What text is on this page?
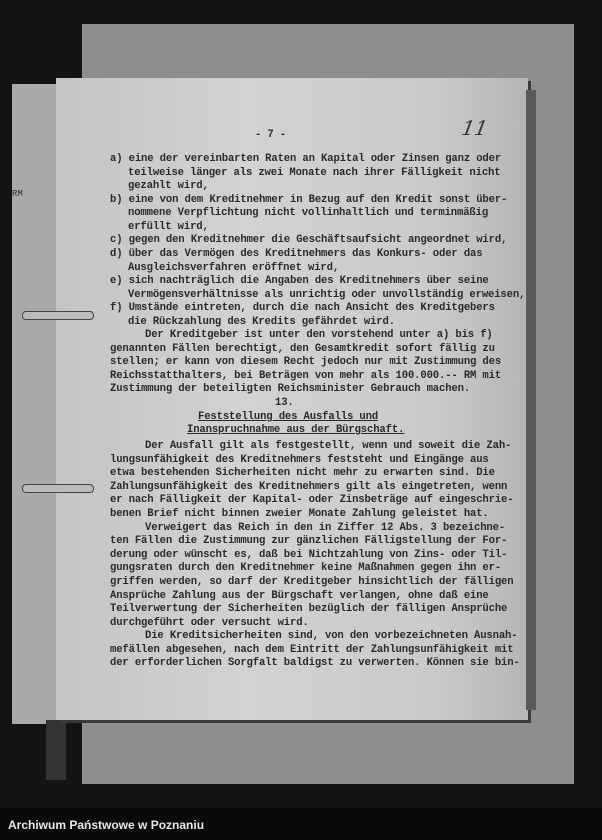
RM
11
- 7 -
a) eine der vereinbarten Raten an Kapital oder Zinsen ganz oder
teilweise länger als zwei Monate nach ihrer Fälligkeit nicht
gezahlt wird,
b) eine von dem Kreditnehmer in Bezug auf den Kredit sonst über-
nommene Verpflichtung nicht vollinhaltlich und terminmäßig
erfüllt wird,
c) gegen den Kreditnehmer die Geschäftsaufsicht angeordnet wird,
d) über das Vermögen des Kreditnehmers das Konkurs- oder das
Ausgleichsverfahren eröffnet wird,
e) sich nachträglich die Angaben des Kreditnehmers über seine
Vermögensverhältnisse als unrichtig oder unvollständig erweisen,
f) Umstände eintreten, durch die nach Ansicht des Kreditgebers
die Rückzahlung des Kredits gefährdet wird.
Der Kreditgeber ist unter den vorstehend unter a) bis f)
genannten Fällen berechtigt, den Gesamtkredit sofort fällig zu
stellen; er kann von diesem Recht jedoch nur mit Zustimmung des
Reichsstatthalters, bei Beträgen von mehr als 100.000.-- RM mit
Zustimmung der beteiligten Reichsminister Gebrauch machen.
13.
Feststellung des Ausfalls und
Inanspruchnahme aus der Bürgschaft.
Der Ausfall gilt als festgestellt, wenn und soweit die Zah-
lungsunfähigkeit des Kreditnehmers feststeht und Eingänge aus
etwa bestehenden Sicherheiten nicht mehr zu erwarten sind. Die
Zahlungsunfähigkeit des Kreditnehmers gilt als eingetreten, wenn
er nach Fälligkeit der Kapital- oder Zinsbeträge auf eingeschrie-
benen Brief nicht binnen zweier Monate Zahlung geleistet hat.
Verweigert das Reich in den in Ziffer 12 Abs. 3 bezeichne-
ten Fällen die Zustimmung zur gänzlichen Fälligstellung der For-
derung oder wünscht es, daß bei Nichtzahlung von Zins- oder Til-
gungsraten durch den Kreditnehmer keine Maßnahmen gegen ihn er-
griffen werden, so darf der Kreditgeber hinsichtlich der fälligen
Ansprüche Zahlung aus der Bürgschaft verlangen, ohne daß eine
Teilverwertung der Sicherheiten bezüglich der fälligen Ansprüche
durchgeführt oder versucht wird.
Die Kreditsicherheiten sind, von den vorbezeichneten Ausnah-
mefällen abgesehen, nach dem Eintritt der Zahlungsunfähigkeit mit
der erforderlichen Sorgfalt baldigst zu verwerten. Können sie bin-
Archiwum Państwowe w Poznaniu
